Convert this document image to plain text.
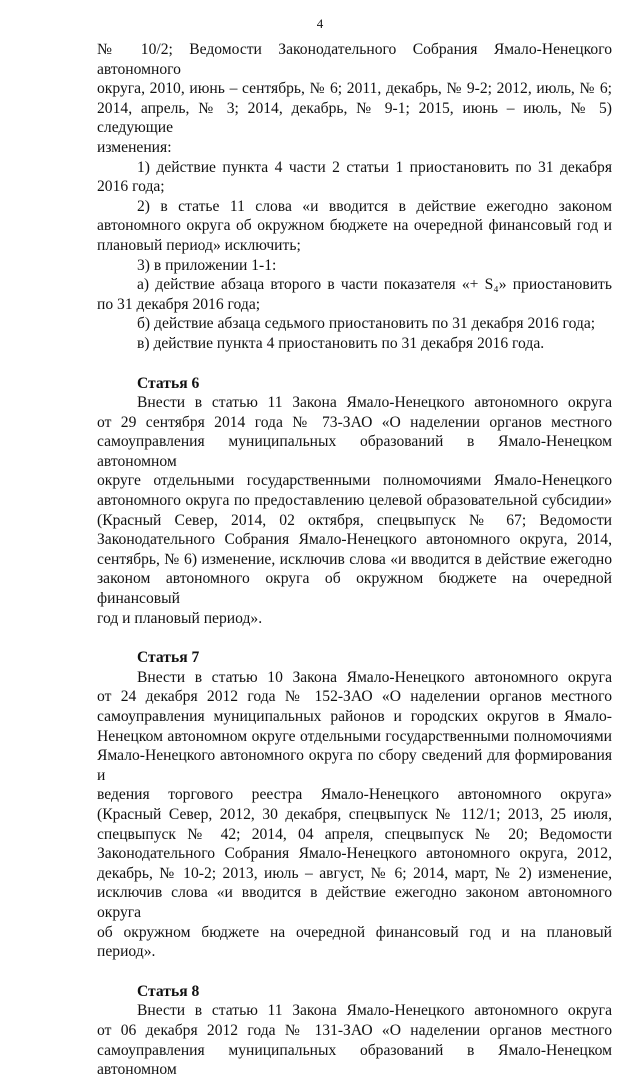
4
№ 10/2; Ведомости Законодательного Собрания Ямало-Ненецкого автономного
округа, 2010, июнь – сентябрь, № 6; 2011, декабрь, № 9-2; 2012, июль, № 6;
2014, апрель, № 3; 2014, декабрь, № 9-1; 2015, июнь – июль, № 5) следующие
изменения:
1) действие пункта 4 части 2 статьи 1 приостановить по 31 декабря
2016 года;
2) в статье 11 слова «и вводится в действие ежегодно законом
автономного округа об окружном бюджете на очередной финансовый год и
плановый период» исключить;
3) в приложении 1-1:
а) действие абзаца второго в части показателя «+ S₄» приостановить
по 31 декабря 2016 года;
б) действие абзаца седьмого приостановить по 31 декабря 2016 года;
в) действие пункта 4 приостановить по 31 декабря 2016 года.
Статья 6
Внести в статью 11 Закона Ямало-Ненецкого автономного округа
от 29 сентября 2014 года № 73-ЗАО «О наделении органов местного
самоуправления муниципальных образований в Ямало-Ненецком автономном
округе отдельными государственными полномочиями Ямало-Ненецкого
автономного округа по предоставлению целевой образовательной субсидии»
(Красный Север, 2014, 02 октября, спецвыпуск № 67; Ведомости
Законодательного Собрания Ямало-Ненецкого автономного округа, 2014,
сентябрь, № 6) изменение, исключив слова «и вводится в действие ежегодно
законом автономного округа об окружном бюджете на очередной финансовый
год и плановый период».
Статья 7
Внести в статью 10 Закона Ямало-Ненецкого автономного округа
от 24 декабря 2012 года № 152-ЗАО «О наделении органов местного
самоуправления муниципальных районов и городских округов в Ямало-
Ненецком автономном округе отдельными государственными полномочиями
Ямало-Ненецкого автономного округа по сбору сведений для формирования и
ведения торгового реестра Ямало-Ненецкого автономного округа»
(Красный Север, 2012, 30 декабря, спецвыпуск № 112/1; 2013, 25 июля,
спецвыпуск № 42; 2014, 04 апреля, спецвыпуск № 20; Ведомости
Законодательного Собрания Ямало-Ненецкого автономного округа, 2012,
декабрь, № 10-2; 2013, июль – август, № 6; 2014, март, № 2) изменение,
исключив слова «и вводится в действие ежегодно законом автономного округа
об окружном бюджете на очередной финансовый год и на плановый период».
Статья 8
Внести в статью 11 Закона Ямало-Ненецкого автономного округа
от 06 декабря 2012 года № 131-ЗАО «О наделении органов местного
самоуправления муниципальных образований в Ямало-Ненецком автономном
